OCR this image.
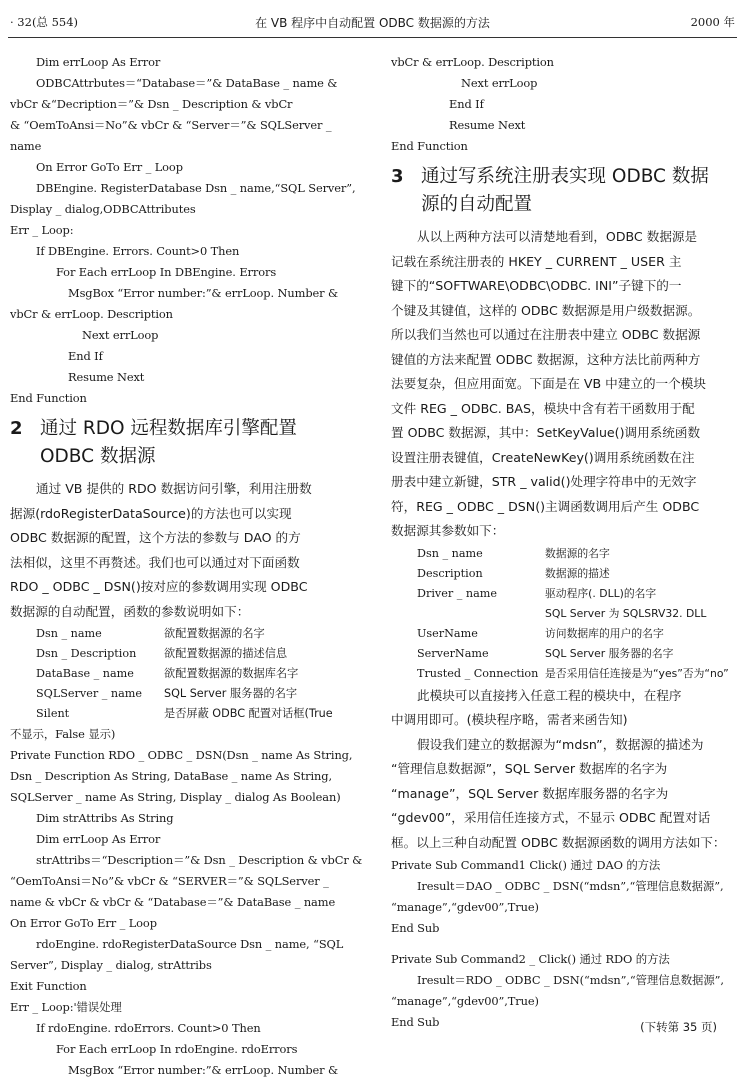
· 32(总 554)	在 VB 程序中自动配置 ODBC 数据源的方法	2000 年
Dim errLoop As Error
ODBCAttrbutes＝“Database＝”& DataBase _ name &
vbCr &“Decription＝”& Dsn _ Description & vbCr
& “OemToAnsi＝No”& vbCr & “Server＝”& SQLServer _
name
On Error GoTo Err _ Loop
DBEngine. RegisterDatabase Dsn _ name,“SQL Server”,
Display _ dialog,ODBCAttributes
Err _ Loop:
If DBEngine. Errors. Count>0 Then
For Each errLoop In DBEngine. Errors
MsgBox “Error number:”& errLoop. Number &
vbCr & errLoop. Description
Next errLoop
End If
Resume Next
End Function
2 通过 RDO 远程数据库引擎配置
ODBC 数据源
通过 VB 提供的 RDO 数据访问引擎，利用注册数
据源(rdoRegisterDataSource)的方法也可以实现
ODBC 数据源的配置，这个方法的参数与 DAO 的方
法相似，这里不再赘述。我们也可以通过对下面函数
RDO _ ODBC _ DSN()按对应的参数调用实现 ODBC
数据源的自动配置，函数的参数说明如下：
Dsn _ name	欲配置数据源的名字
Dsn _ Description	欲配置数据源的描述信息
DataBase _ name	欲配置数据源的数据库名字
SQLServer _ name	SQL Server 服务器的名字
Silent	是否屏蔽 ODBC 配置对话框(True
不显示，False 显示)
Private Function RDO _ ODBC _ DSN(Dsn _ name As String,
Dsn _ Description As String, DataBase _ name As String,
SQLServer _ name As String, Display _ dialog As Boolean)
Dim strAttribs As String
Dim errLoop As Error
strAttribs＝“Description＝”& Dsn _ Description & vbCr &
“OemToAnsi＝No”& vbCr & “SERVER＝”& SQLServer _
name & vbCr & vbCr & “Database＝”& DataBase _ name
On Error GoTo Err _ Loop
rdoEngine. rdoRegisterDataSource Dsn _ name, “SQL
Server”, Display _ dialog, strAttribs
Exit Function
Err _ Loop:'错误处理
If rdoEngine. rdoErrors. Count>0 Then
For Each errLoop In rdoEngine. rdoErrors
MsgBox “Error number:”& errLoop. Number &
vbCr & errLoop. Description
Next errLoop
End If
Resume Next
End Function
3 通过写系统注册表实现 ODBC 数据
源的自动配置
从以上两种方法可以清楚地看到，ODBC 数据源是
记载在系统注册表的 HKEY _ CURRENT _ USER 主
键下的“SOFTWARE\ODBC\ODBC. INI”子键下的一
个键及其键值，这样的 ODBC 数据源是用户级数据源。
所以我们当然也可以通过在注册表中建立 ODBC 数据源
键值的方法来配置 ODBC 数据源，这种方法比前两种方
法要复杂，但应用面宽。下面是在 VB 中建立的一个模块
文件 REG _ ODBC. BAS，模块中含有若干函数用于配
置 ODBC 数据源，其中：SetKeyValue()调用系统函数
设置注册表键值，CreateNewKey()调用系统函数在注
册表中建立新键，STR _ valid()处理字符串中的无效字
符，REG _ ODBC _ DSN()主调函数调用后产生 ODBC
数据源其参数如下：
Dsn _ name	数据源的名字
Description	数据源的描述
Driver _ name	驱动程序(. DLL)的名字
SQL Server 为 SQLSRV32. DLL
UserName	访问数据库的用户的名字
ServerName	SQL Server 服务器的名字
Trusted _ Connection 是否采用信任连接是为“yes”否为“no”
此模块可以直接拷入任意工程的模块中，在程序
中调用即可。(模块程序略，需者来函告知)
假设我们建立的数据源为“mdsn”，数据源的描述为
“管理信息数据源”，SQL Server 数据库的名字为
“manage”，SQL Server 数据库服务器的名字为
“gdev00”，采用信任连接方式，不显示 ODBC 配置对话
框。以上三种自动配置 ODBC 数据源函数的调用方法如下：
Private Sub Command1 Click() 通过 DAO 的方法
Iresult＝DAO _ ODBC _ DSN(“mdsn”,“管理信息数据源”,
“manage”,“gdev00”,True)
End Sub
Private Sub Command2 _ Click() 通过 RDO 的方法
Iresult＝RDO _ ODBC _ DSN(“mdsn”,“管理信息数据源”,
“manage”,“gdev00”,True)
End Sub	(下转第 35 页)
